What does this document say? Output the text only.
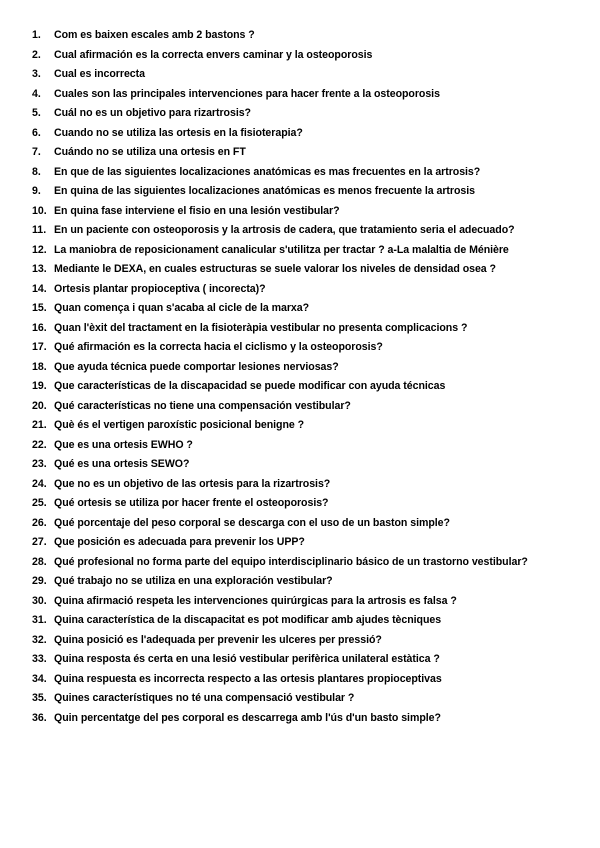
1.	Com es baixen escales amb 2 bastons ?
2.	Cual afirmación es la correcta envers caminar y la osteoporosis
3.	Cual es incorrecta
4.	Cuales son las principales intervenciones para hacer frente a la osteoporosis
5.	Cuál no es un objetivo para rizartrosis?
6.	Cuando no se utiliza las ortesis en la fisioterapia?
7.	Cuándo no se utiliza una ortesis en FT
8.	En que de las siguientes localizaciones anatómicas es mas frecuentes en la artrosis?
9.	En quina de las siguientes localizaciones anatómicas es menos frecuente la artrosis
10. En quina fase interviene el fisio en una lesión vestibular?
11. En un paciente con osteoporosis y la artrosis de cadera, que tratamiento seria el adecuado?
12. La maniobra de reposicionament canalicular s'utilitza per tractar ? a-La malaltia de Ménière
13. Mediante le DEXA, en cuales estructuras se suele valorar los niveles de densidad osea ?
14. Ortesis plantar propioceptiva ( incorecta)?
15. Quan comença i quan s'acaba al cicle de la marxa?
16. Quan l'èxit del tractament en la fisioteràpia vestibular no presenta complicacions ?
17. Qué afirmación es la correcta hacia el ciclismo y la osteoporosis?
18. Que ayuda técnica puede comportar lesiones nerviosas?
19. Que características de la discapacidad se puede modificar con ayuda técnicas
20. Qué características no tiene una compensación vestibular?
21. Què és el vertigen paroxístic posicional benigne ?
22. Que es una ortesis EWHO ?
23. Qué es una ortesis SEWO?
24. Que no es un objetivo de las ortesis para la rizartrosis?
25. Qué ortesis se utiliza por hacer frente el osteoporosis?
26. Qué porcentaje del peso corporal se descarga con el uso de un baston simple?
27. Que posición es adecuada para prevenir los UPP?
28. Qué profesional no forma parte del equipo interdisciplinario básico de un trastorno vestibular?
29. Qué trabajo no se utiliza en una exploración vestibular?
30. Quina afirmació respeta les intervenciones quirúrgicas para la artrosis es falsa ?
31. Quina característica de la discapacitat es pot modificar amb ajudes tècniques
32. Quina posició es l'adequada per prevenir les ulceres per pressió?
33. Quina resposta és certa en una lesió vestibular perifèrica unilateral estàtica ?
34. Quina respuesta es incorrecta respecto a las ortesis plantares propioceptivas
35. Quines característiques no té una compensació vestibular ?
36. Quin percentatge del pes corporal es descarrega amb l'ús d'un basto simple?
